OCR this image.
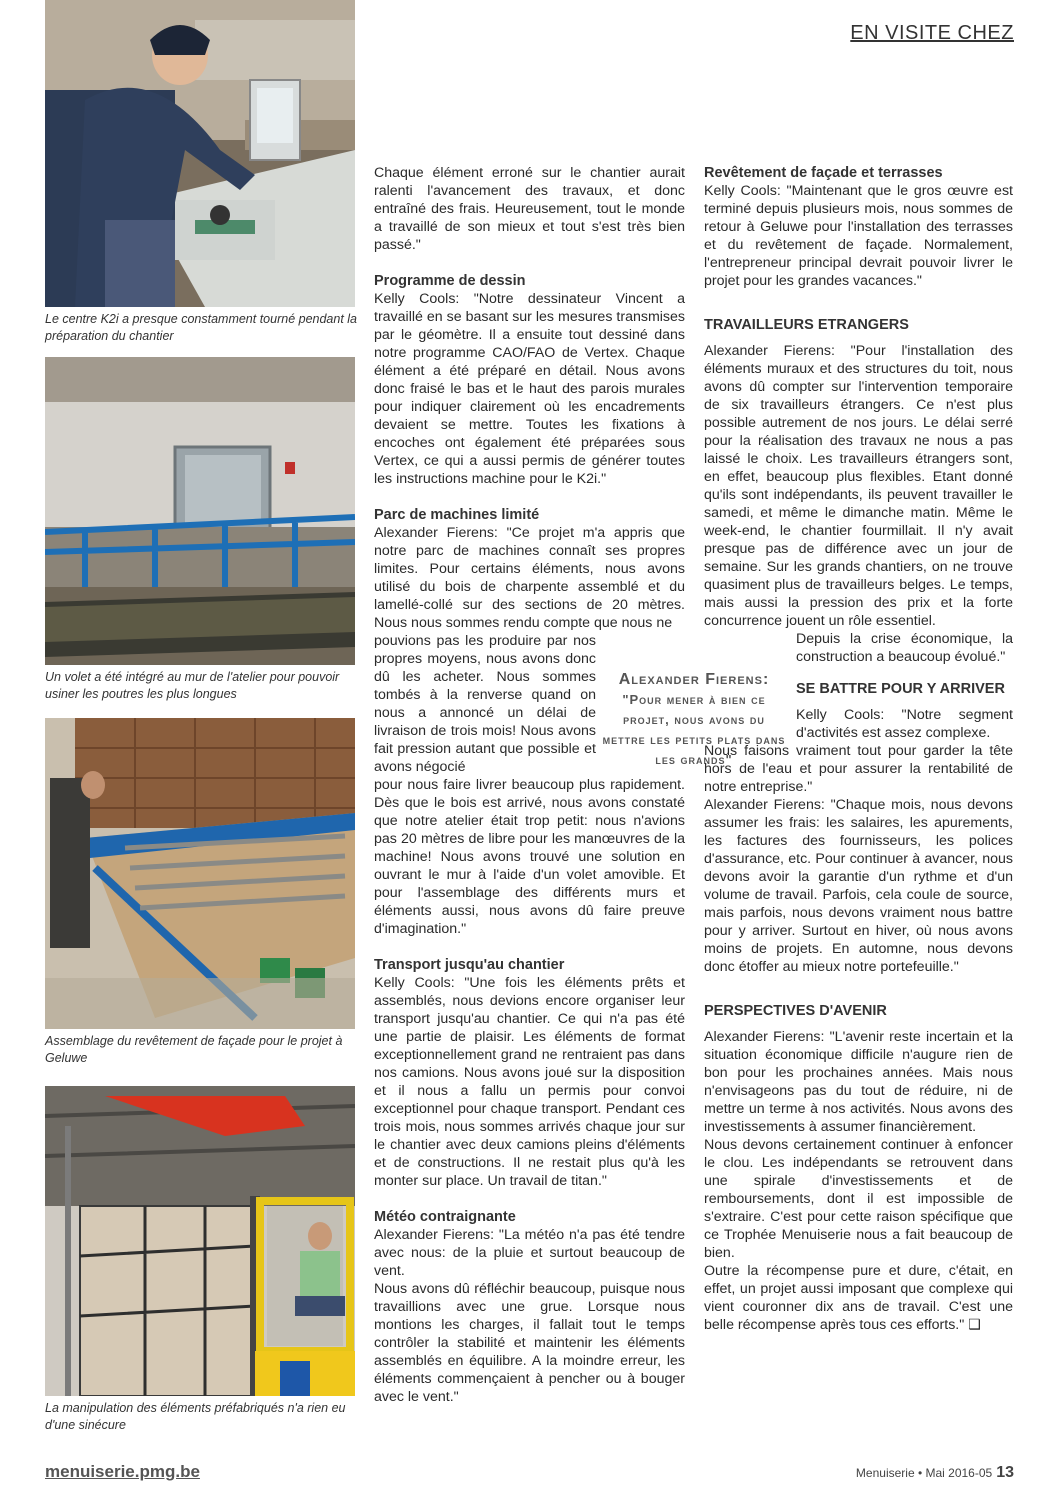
EN VISITE CHEZ
Le centre K2i a presque constamment tourné pendant la préparation du chantier
Un volet a été intégré au mur de l'atelier pour pouvoir usiner les poutres les plus longues
Assemblage du revêtement de façade pour le projet à Geluwe
La manipulation des éléments préfabriqués n'a rien eu d'une sinécure

Chaque élément erroné sur le chantier aurait ralenti l'avancement des travaux, et donc entraîné des frais. Heureusement, tout le monde a travaillé de son mieux et tout s'est très bien passé."

Programme de dessin

Kelly Cools: "Notre dessinateur Vincent a travaillé en se basant sur les mesures transmises par le géomètre. Il a ensuite tout dessiné dans notre programme CAO/FAO de Vertex. Chaque élément a été préparé en détail. Nous avons donc fraisé le bas et le haut des parois murales pour indiquer clairement où les encadrements devaient se mettre. Toutes les fixations à encoches ont également été préparées sous Vertex, ce qui a aussi permis de générer toutes les instructions machine pour le K2i."

Parc de machines limité

Alexander Fierens: "Ce projet m'a appris que notre parc de machines connaît ses propres limites. Pour certains éléments, nous avons utilisé du bois de charpente assemblé et du lamellé-collé sur des sections de 20 mètres. Nous nous sommes rendu compte que nous ne

pouvions pas les produire par nos propres moyens, nous avons donc dû les acheter. Nous sommes tombés à la renverse quand on nous a annoncé un délai de livraison de trois mois! Nous avons fait pression autant que possible et avons négocié

pour nous faire livrer beaucoup plus rapidement. Dès que le bois est arrivé, nous avons constaté que notre atelier était trop petit: nous n'avions pas 20 mètres de libre pour les manœuvres de la machine! Nous avons trouvé une solution en ouvrant le mur à l'aide d'un volet amovible. Et pour l'assemblage des différents murs et éléments aussi, nous avons dû faire preuve d'imagination."

Transport jusqu'au chantier

Kelly Cools: "Une fois les éléments prêts et assemblés, nous devions encore organiser leur transport jusqu'au chantier. Ce qui n'a pas été une partie de plaisir. Les éléments de format exceptionnellement grand ne rentraient pas dans nos camions. Nous avons joué sur la disposition et il nous a fallu un permis pour convoi exceptionnel pour chaque transport. Pendant ces trois mois, nous sommes arrivés chaque jour sur le chantier avec deux camions pleins d'éléments et de constructions. Il ne restait plus qu'à les monter sur place. Un travail de titan."

Météo contraignante

Alexander Fierens: "La météo n'a pas été tendre avec nous: de la pluie et surtout beaucoup de vent.

Nous avons dû réfléchir beaucoup, puisque nous travaillions avec une grue. Lorsque nous montions les charges, il fallait tout le temps contrôler la stabilité et maintenir les éléments assemblés en équilibre. A la moindre erreur, les éléments commençaient à pencher ou à bouger avec le vent."

Alexander Fierens:
"Pour mener à bien ce projet, nous avons du mettre les petits plats dans les grands"
Revêtement de façade et terrasses

Kelly Cools: "Maintenant que le gros œuvre est terminé depuis plusieurs mois, nous sommes de retour à Geluwe pour l'installation des terrasses et du revêtement de façade. Normalement, l'entrepreneur principal devrait pouvoir livrer le projet pour les grandes vacances."

TRAVAILLEURS ETRANGERS

Alexander Fierens: "Pour l'installation des éléments muraux et des structures du toit, nous avons dû compter sur l'intervention temporaire de six travailleurs étrangers. Ce n'est plus possible autrement de nos jours. Le délai serré pour la réalisation des travaux ne nous a pas laissé le choix. Les travailleurs étrangers sont, en effet, beaucoup plus flexibles. Etant donné qu'ils sont indépendants, ils peuvent travailler le samedi, et même le dimanche matin. Même le week-end, le chantier fourmillait. Il n'y avait presque pas de différence avec un jour de semaine. Sur les grands chantiers, on ne trouve quasiment plus de travailleurs belges. Le temps, mais aussi la pression des prix et la forte concurrence jouent un rôle essentiel.

Depuis la crise économique, la construction a beaucoup évolué."

SE BATTRE POUR Y ARRIVER

Kelly Cools: "Notre segment d'activités est assez complexe.

Nous faisons vraiment tout pour garder la tête hors de l'eau et pour assurer la rentabilité de notre entreprise."

Alexander Fierens: "Chaque mois, nous devons assumer les frais: les salaires, les apurements, les factures des fournisseurs, les polices d'assurance, etc. Pour continuer à avancer, nous devons avoir la garantie d'un rythme et d'un volume de travail. Parfois, cela coule de source, mais parfois, nous devons vraiment nous battre pour y arriver. Surtout en hiver, où nous avons moins de projets. En automne, nous devons donc étoffer au mieux notre portefeuille."

PERSPECTIVES D'AVENIR

Alexander Fierens: "L'avenir reste incertain et la situation économique difficile n'augure rien de bon pour les prochaines années. Mais nous n'envisageons pas du tout de réduire, ni de mettre un terme à nos activités. Nous avons des investissements à assumer financièrement.

Nous devons certainement continuer à enfoncer le clou. Les indépendants se retrouvent dans une spirale d'investissements et de remboursements, dont il est impossible de s'extraire. C'est pour cette raison spécifique que ce Trophée Menuiserie nous a fait beaucoup de bien.

Outre la récompense pure et dure, c'était, en effet, un projet aussi imposant que complexe qui vient couronner dix ans de travail. C'est une belle récompense après tous ces efforts." ❑

menuiserie.pmg.be	Menuiserie • Mai 2016-05 13
